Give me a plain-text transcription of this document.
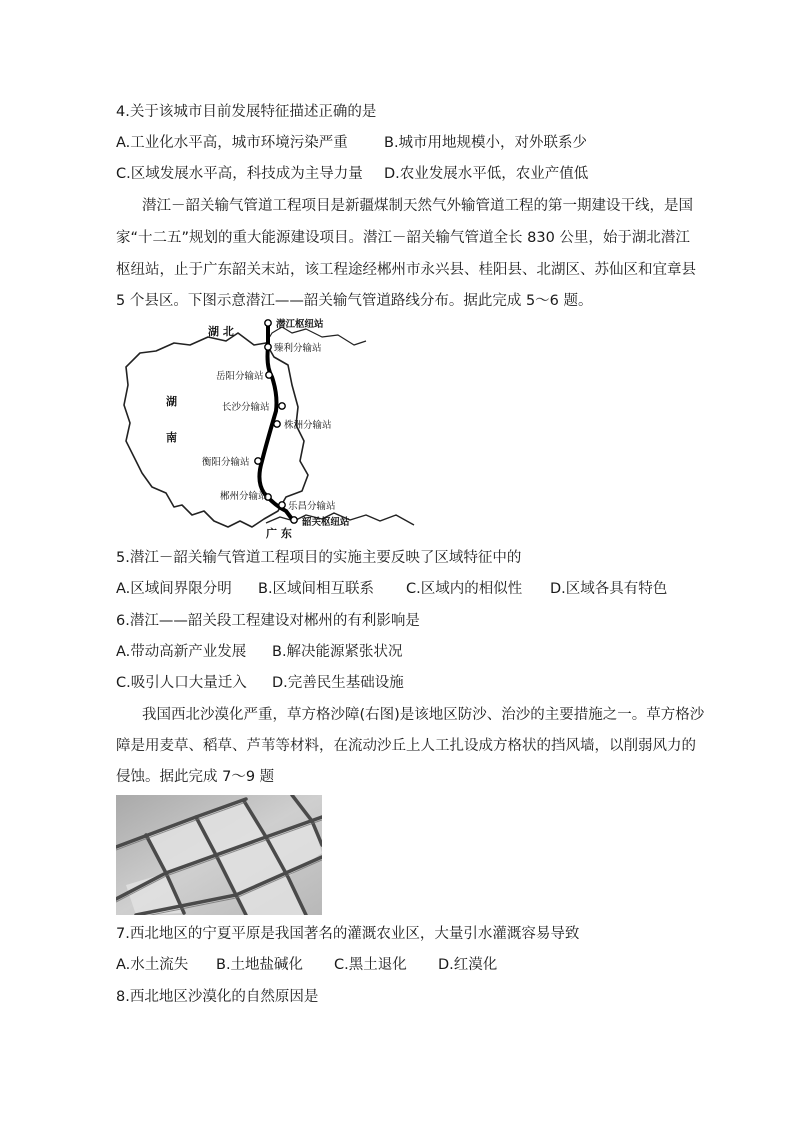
4.关于该城市目前发展特征描述正确的是
A.工业化水平高，城市环境污染严重 B.城市用地规模小，对外联系少
C.区域发展水平高，科技成为主导力量 D.农业发展水平低，农业产值低
潜江－韶关输气管道工程项目是新疆煤制天然气外输管道工程的第一期建设干线，是国
家“十二五”规划的重大能源建设项目。潜江－韶关输气管道全长 830 公里，始于湖北潜江
枢纽站，止于广东韶关末站，该工程途经郴州市永兴县、桂阳县、北湖区、苏仙区和宜章县
5 个县区。下图示意潜江——韶关输气管道路线分布。据此完成 5～6 题。
湖 北
湖
南
广 东
潜江枢纽站
臻利分输站
岳阳分输站
长沙分输站
株洲分输站
衡阳分输站
郴州分输站
乐昌分输站
韶关枢纽站
5.潜江－韶关输气管道工程项目的实施主要反映了区域特征中的
A.区域间界限分明 B.区域间相互联系 C.区域内的相似性 D.区域各具有特色
6.潜江——韶关段工程建设对郴州的有利影响是
A.带动高新产业发展 B.解决能源紧张状况
C.吸引人口大量迁入 D.完善民生基础设施
我国西北沙漠化严重，草方格沙障(右图)是该地区防沙、治沙的主要措施之一。草方格沙
障是用麦草、稻草、芦苇等材料，在流动沙丘上人工扎设成方格状的挡风墙，以削弱风力的
侵蚀。据此完成 7～9 题
7.西北地区的宁夏平原是我国著名的灌溉农业区，大量引水灌溉容易导致
A.水土流失 B.土地盐碱化 C.黑土退化 D.红漠化
8.西北地区沙漠化的自然原因是
